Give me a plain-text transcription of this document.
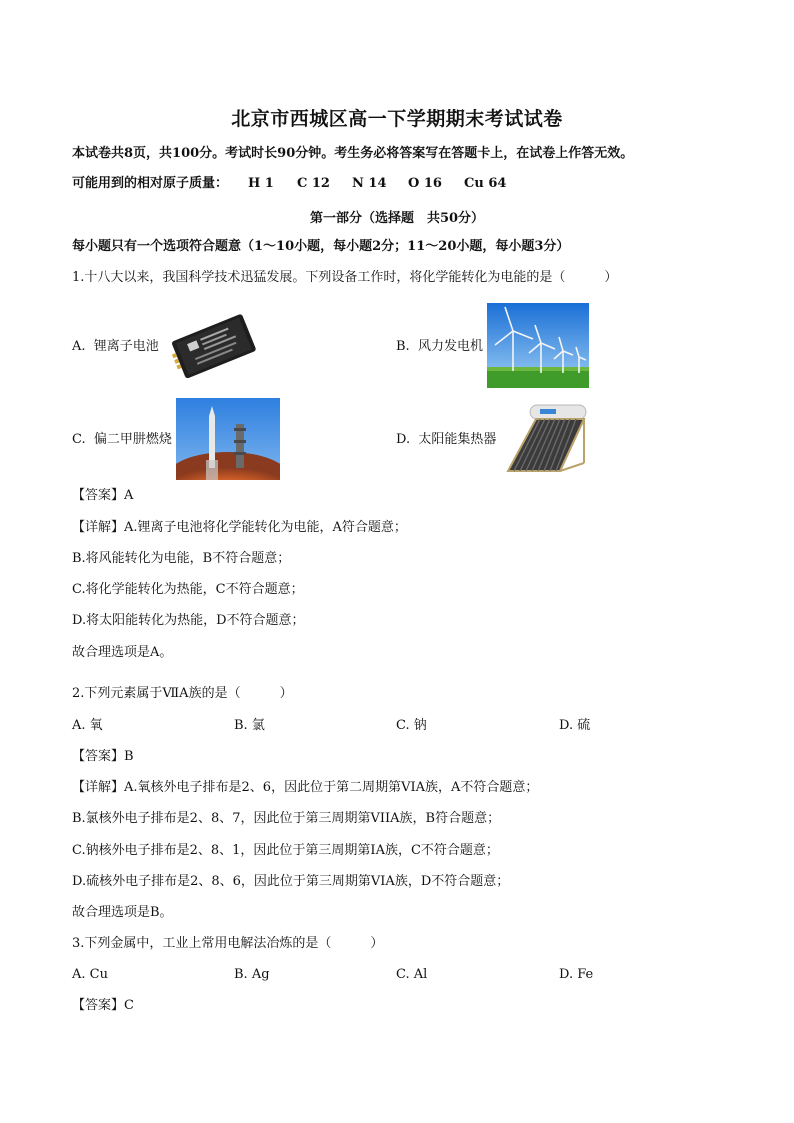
北京市西城区高一下学期期末考试试卷
本试卷共8页，共100分。考试时长90分钟。考生务必将答案写在答题卡上，在试卷上作答无效。
可能用到的相对原子质量： H 1 C 12 N 14 O 16 Cu 64
第一部分（选择题　共50分）
每小题只有一个选项符合题意（1～10小题，每小题2分；11～20小题，每小题3分）
1.十八大以来，我国科学技术迅猛发展。下列设备工作时，将化学能转化为电能的是（　　　）
A. 锂离子电池	B. 风力发电机
C. 偏二甲肼燃烧	D. 太阳能集热器
【答案】A
【详解】A.锂离子电池将化学能转化为电能，A符合题意；
B.将风能转化为电能，B不符合题意；
C.将化学能转化为热能，C不符合题意；
D.将太阳能转化为热能，D不符合题意；
故合理选项是A。
2.下列元素属于ⅦA族的是（　　　）
A. 氧	B. 氯	C. 钠	D. 硫
【答案】B
【详解】A.氧核外电子排布是2、6，因此位于第二周期第VIA族，A不符合题意；
B.氯核外电子排布是2、8、7，因此位于第三周期第VIIA族，B符合题意；
C.钠核外电子排布是2、8、1，因此位于第三周期第IA族，C不符合题意；
D.硫核外电子排布是2、8、6，因此位于第三周期第VIA族，D不符合题意；
故合理选项是B。
3.下列金属中，工业上常用电解法冶炼的是（　　　）
A. Cu	B. Ag	C. Al	D. Fe
【答案】C
